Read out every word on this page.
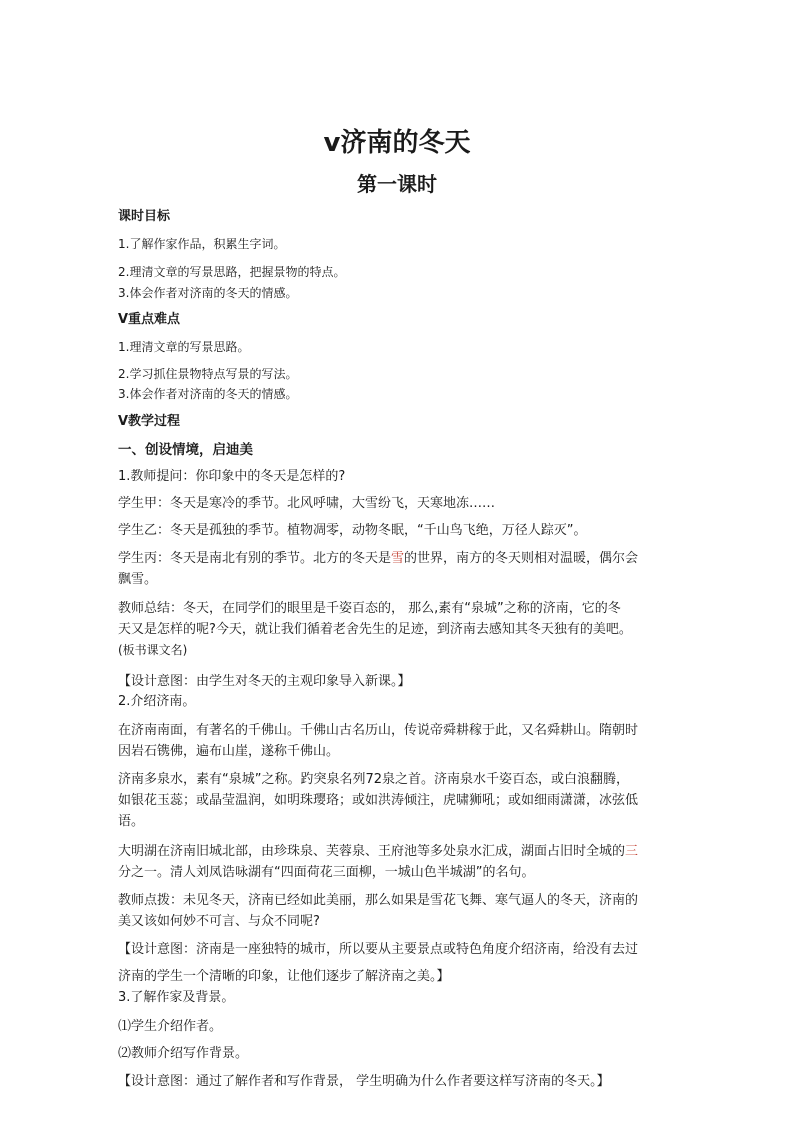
v济南的冬天
第一课时
课时目标
1.了解作家作品，积累生字词。
2.理清文章的写景思路，把握景物的特点。
3.体会作者对济南的冬天的情感。
V重点难点
1.理清文章的写景思路。
2.学习抓住景物特点写景的写法。
3.体会作者对济南的冬天的情感。
V教学过程
一、创设情境，启迪美
1.教师提问：你印象中的冬天是怎样的?
学生甲：冬天是寒冷的季节。北风呼啸，大雪纷飞，天寒地冻……
学生乙：冬天是孤独的季节。植物凋零，动物冬眠，“千山鸟飞绝，万径人踪灭”。
学生丙：冬天是南北有别的季节。北方的冬天是雪的世界，南方的冬天则相对温暖，偶尔会
飘雪。
教师总结：冬天，在同学们的眼里是千姿百态的， 那么,素有“泉城”之称的济南，它的冬
天又是怎样的呢?今天，就让我们循着老舍先生的足迹，到济南去感知其冬天独有的美吧。
(板书课文名)
【设计意图：由学生对冬天的主观印象导入新课。】
2.介绍济南。
在济南南面，有著名的千佛山。千佛山古名历山，传说帝舜耕稼于此，又名舜耕山。隋朝时
因岩石镌佛，遍布山崖，遂称千佛山。
济南多泉水，素有“泉城”之称。趵突泉名列72泉之首。济南泉水千姿百态，或白浪翻腾，
如银花玉蕊；或晶莹温润，如明珠璎珞；或如洪涛倾注，虎啸狮吼；或如细雨潇潇，冰弦低
语。
大明湖在济南旧城北部，由珍珠泉、芙蓉泉、王府池等多处泉水汇成，湖面占旧时全城的三
分之一。清人刘凤诰咏湖有“四面荷花三面柳，一城山色半城湖”的名句。
教师点拨：未见冬天，济南已经如此美丽，那么如果是雪花飞舞、寒气逼人的冬天，济南的
美又该如何妙不可言、与众不同呢?
【设计意图：济南是一座独特的城市，所以要从主要景点或特色角度介绍济南，给没有去过
济南的学生一个清晰的印象，让他们逐步了解济南之美。】
3.了解作家及背景。
⑴学生介绍作者。
⑵教师介绍写作背景。
【设计意图：通过了解作者和写作背景， 学生明确为什么作者要这样写济南的冬天。】
